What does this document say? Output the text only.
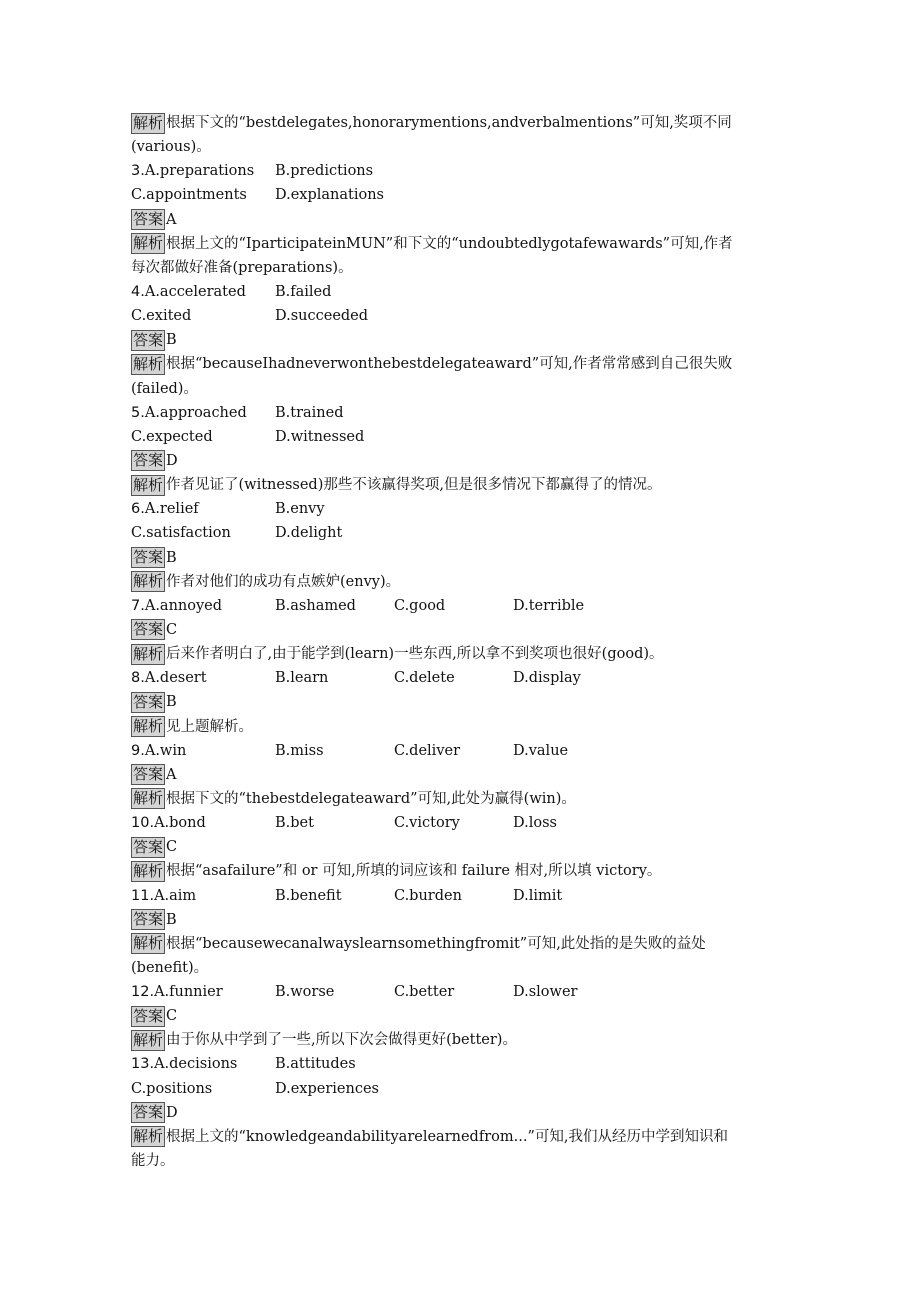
解析 根据下文的“bestdelegates,honorarymentions,andverbalmentions”可知,奖项不同
(various)。
3.A.preparations B.predictions
C.appointments D.explanations
答案 A
解析 根据上文的“IparticipateinMUN”和下文的“undoubtedlygotafewawards”可知,作者
每次都做好准备(preparations)。
4.A.accelerated B.failed
C.exited	D.succeeded
答案 B
解析 根据“becauseIhadneverwonthebestdelegateaward”可知,作者常常感到自己很失败
(failed)。
5.A.approached B.trained
C.expected	D.witnessed
答案 D
解析 作者见证了(witnessed)那些不该赢得奖项,但是很多情况下都赢得了的情况。
6.A.relief	B.envy
C.satisfaction	D.delight
答案 B
解析 作者对他们的成功有点嫉妒(envy)。
7.A.annoyed	B.ashamed	C.good	D.terrible
答案 C
解析 后来作者明白了,由于能学到(learn)一些东西,所以拿不到奖项也很好(good)。
8.A.desert	B.learn	C.delete	D.display
答案 B
解析 见上题解析。
9.A.win	B.miss	C.deliver	D.value
答案 A
解析 根据下文的“thebestdelegateaward”可知,此处为赢得(win)。
10.A.bond	B.bet	C.victory	D.loss
答案 C
解析 根据“asafailure”和 or 可知,所填的词应该和 failure 相对,所以填 victory。
11.A.aim	B.benefit	C.burden	D.limit
答案 B
解析 根据“becausewecanalwayslearnsomethingfromit”可知,此处指的是失败的益处
(benefit)。
12.A.funnier	B.worse	C.better	D.slower
答案 C
解析 由于你从中学到了一些,所以下次会做得更好(better)。
13.A.decisions	B.attitudes
C.positions	D.experiences
答案 D
解析 根据上文的“knowledgeandabilityarelearnedfrom...”可知,我们从经历中学到知识和
能力。
